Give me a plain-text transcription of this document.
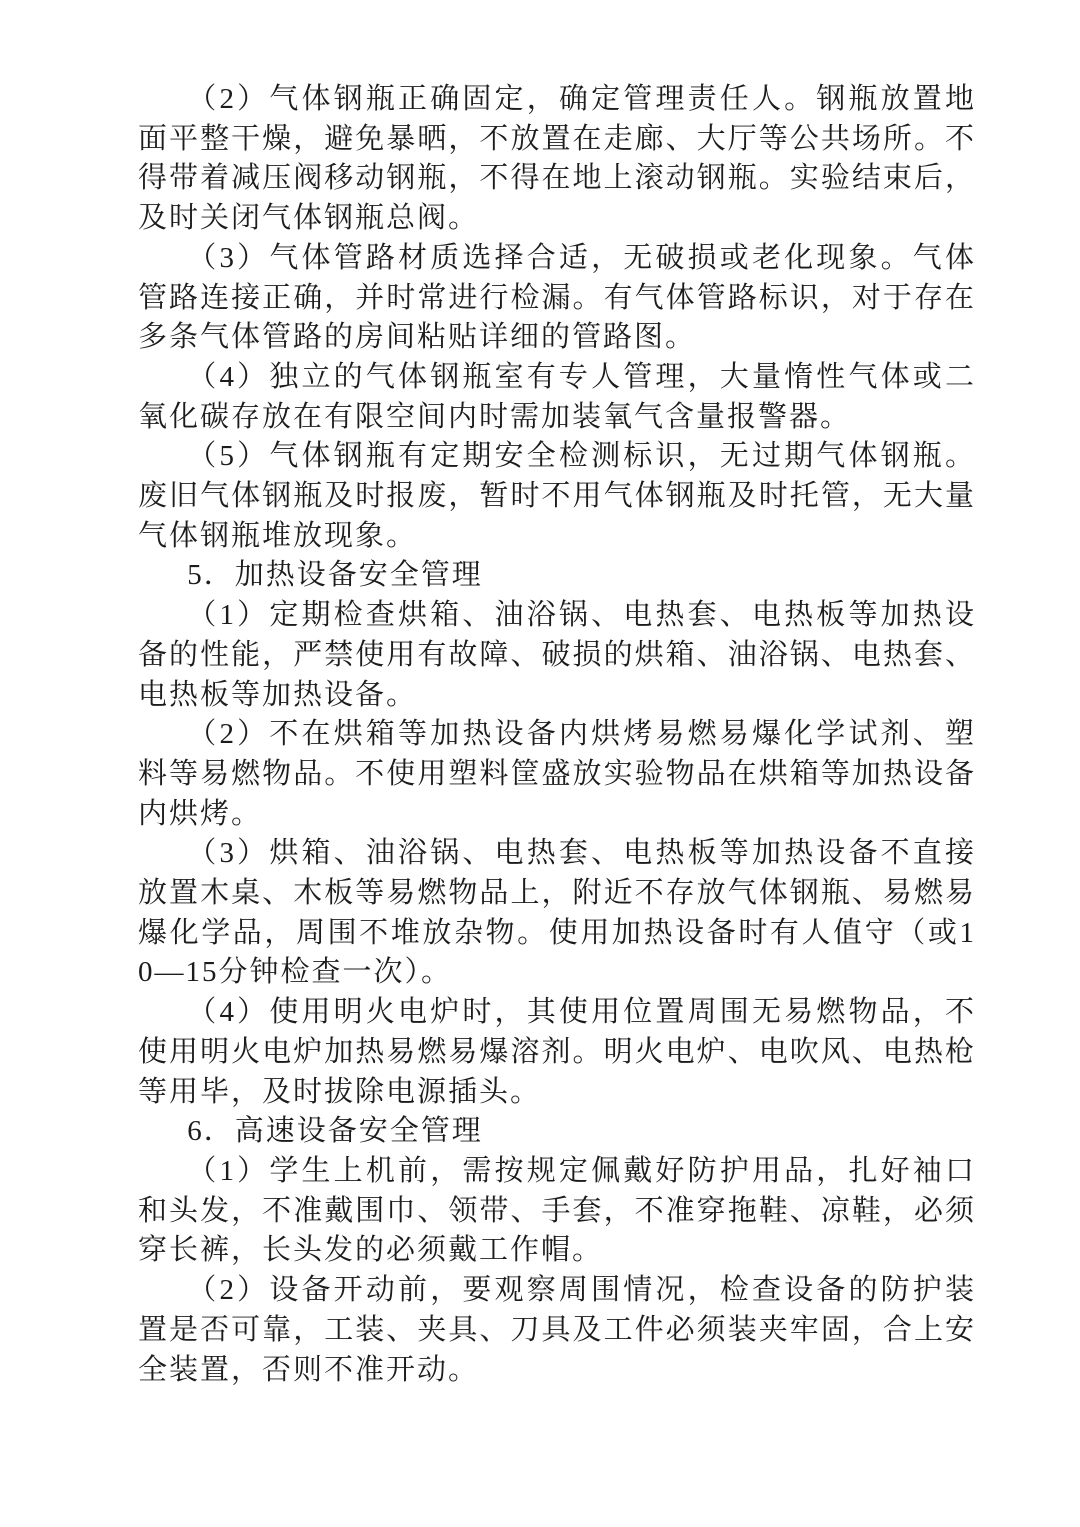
（2）气体钢瓶正确固定，确定管理责任人。钢瓶放置地面平整干燥，避免暴晒，不放置在走廊、大厅等公共场所。不得带着减压阀移动钢瓶，不得在地上滚动钢瓶。实验结束后，及时关闭气体钢瓶总阀。

（3）气体管路材质选择合适，无破损或老化现象。气体管路连接正确，并时常进行检漏。有气体管路标识，对于存在多条气体管路的房间粘贴详细的管路图。

（4）独立的气体钢瓶室有专人管理，大量惰性气体或二氧化碳存放在有限空间内时需加装氧气含量报警器。

（5）气体钢瓶有定期安全检测标识，无过期气体钢瓶。废旧气体钢瓶及时报废，暂时不用气体钢瓶及时托管，无大量气体钢瓶堆放现象。

5．加热设备安全管理

（1）定期检查烘箱、油浴锅、电热套、电热板等加热设备的性能，严禁使用有故障、破损的烘箱、油浴锅、电热套、电热板等加热设备。

（2）不在烘箱等加热设备内烘烤易燃易爆化学试剂、塑料等易燃物品。不使用塑料筐盛放实验物品在烘箱等加热设备内烘烤。

（3）烘箱、油浴锅、电热套、电热板等加热设备不直接放置木桌、木板等易燃物品上，附近不存放气体钢瓶、易燃易爆化学品，周围不堆放杂物。使用加热设备时有人值守（或10—15分钟检查一次）。

（4）使用明火电炉时，其使用位置周围无易燃物品，不使用明火电炉加热易燃易爆溶剂。明火电炉、电吹风、电热枪等用毕，及时拔除电源插头。

6．高速设备安全管理

（1）学生上机前，需按规定佩戴好防护用品，扎好袖口和头发，不准戴围巾、领带、手套，不准穿拖鞋、凉鞋，必须穿长裤，长头发的必须戴工作帽。

（2）设备开动前，要观察周围情况，检查设备的防护装置是否可靠，工装、夹具、刀具及工件必须装夹牢固，合上安全装置，否则不准开动。
